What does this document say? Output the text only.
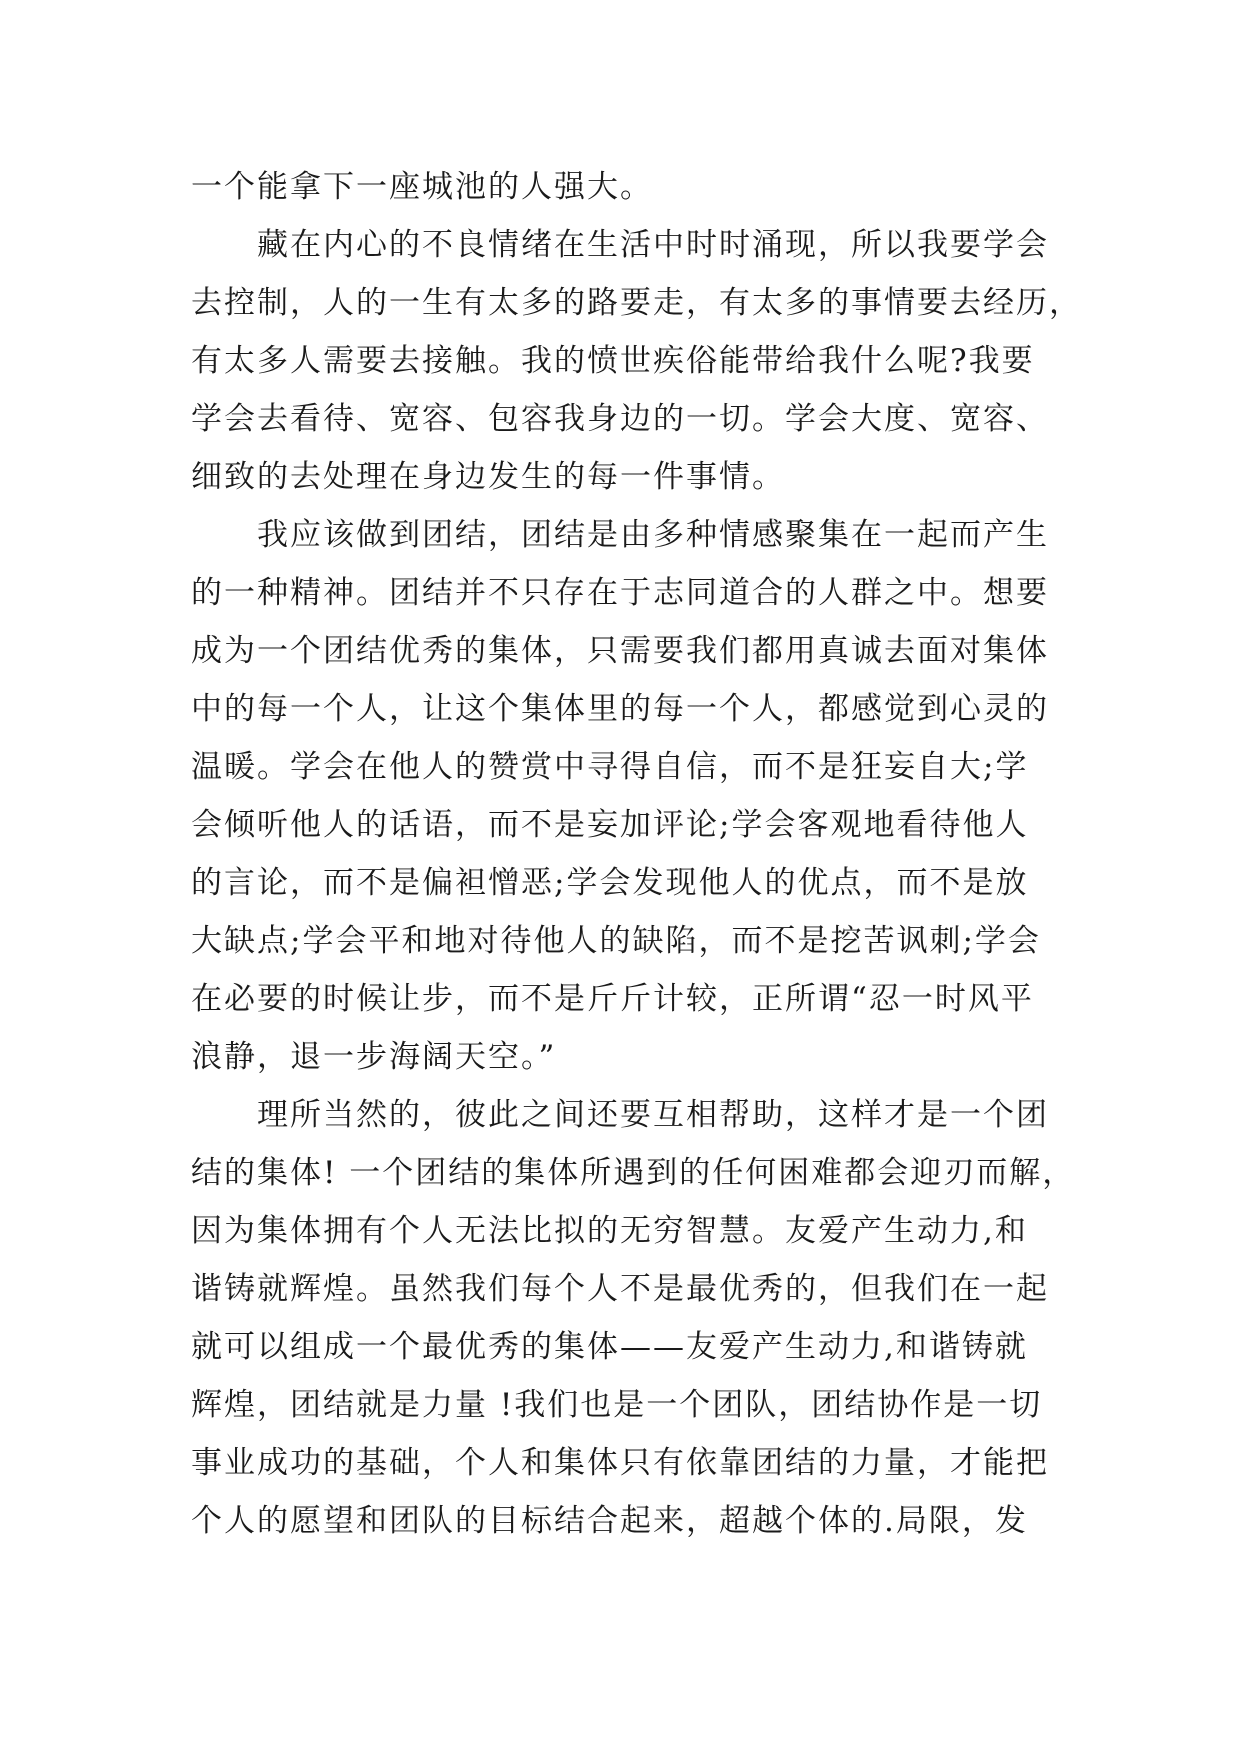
一个能拿下一座城池的人强大。
藏在内心的不良情绪在生活中时时涌现，所以我要学会
去控制，人的一生有太多的路要走，有太多的事情要去经历，
有太多人需要去接触。我的愤世疾俗能带给我什么呢?我要
学会去看待、宽容、包容我身边的一切。学会大度、宽容、
细致的去处理在身边发生的每一件事情。
我应该做到团结，团结是由多种情感聚集在一起而产生
的一种精神。团结并不只存在于志同道合的人群之中。想要
成为一个团结优秀的集体，只需要我们都用真诚去面对集体
中的每一个人，让这个集体里的每一个人，都感觉到心灵的
温暖。学会在他人的赞赏中寻得自信，而不是狂妄自大;学
会倾听他人的话语，而不是妄加评论;学会客观地看待他人
的言论，而不是偏袒憎恶;学会发现他人的优点，而不是放
大缺点;学会平和地对待他人的缺陷，而不是挖苦讽刺;学会
在必要的时候让步，而不是斤斤计较，正所谓“忍一时风平
浪静，退一步海阔天空。”
理所当然的，彼此之间还要互相帮助，这样才是一个团
结的集体! 一个团结的集体所遇到的任何困难都会迎刃而解，
因为集体拥有个人无法比拟的无穷智慧。友爱产生动力,和
谐铸就辉煌。虽然我们每个人不是最优秀的，但我们在一起
就可以组成一个最优秀的集体——友爱产生动力,和谐铸就
辉煌，团结就是力量 !我们也是一个团队，团结协作是一切
事业成功的基础，个人和集体只有依靠团结的力量，才能把
个人的愿望和团队的目标结合起来，超越个体的.局限，发
